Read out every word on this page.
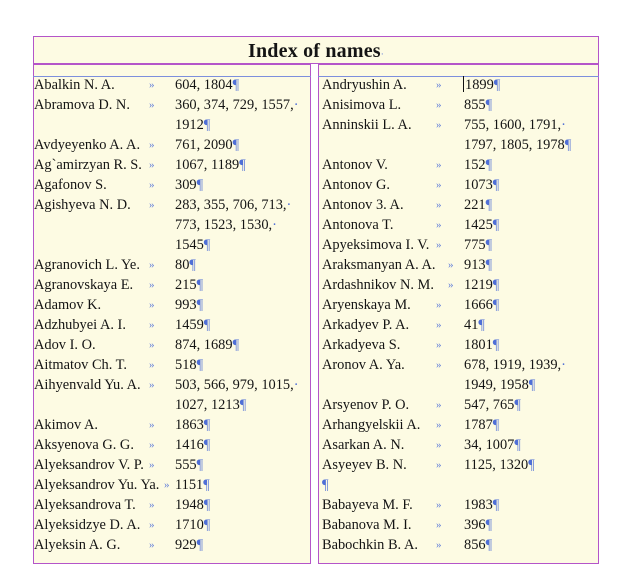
Index of names·
Abalkin N. A.	» 604, 1804¶
Abramova D. N. » 360, 374, 729, 1557,·
1912¶
Avdyeyenko A. A. » 761, 2090¶
Ag`amirzyan R. S. » 1067, 1189¶
Agafonov S.	» 309¶
Agishyeva N. D. » 283, 355, 706, 713,·
773, 1523, 1530,·
1545¶
Agranovich L. Ye. » 80¶
Agranovskaya E. » 215¶
Adamov K.	» 993¶
Adzhubyei A. I. » 1459¶
Adov I. O.	» 874, 1689¶
Aitmatov Ch. T. » 518¶
Aihyenvald Yu. A. » 503, 566, 979, 1015,·
1027, 1213¶
Akimov A.	» 1863¶
Aksyenova G. G. » 1416¶
Alyeksandrov V. P. » 555¶
Alyeksandrov Yu. Ya. » 1151¶
Alyeksandrova T. » 1948¶
Alyeksidzye D. A. » 1710¶
Alyeksin A. G.	» 929¶
Andryushin A.	» 1899¶
Anisimova L.	» 855¶
Anninskii L. A. » 755, 1600, 1791,·
1797, 1805, 1978¶
Antonov V.	» 152¶
Antonov G.	» 1073¶
Antonov 3. A.	» 221¶
Antonova T.	» 1425¶
Apyeksimova I. V. » 775¶
Araksmanyan A. A. » 913¶
Ardashnikov N. M. » 1219¶
Aryenskaya M. » 1666¶
Arkadyev P. A. » 41¶
Arkadyeva S.	» 1801¶
Aronov A. Ya.	» 678, 1919, 1939,·
1949, 1958¶
Arsyenov P. O. » 547, 765¶
Arhangyelskii A. » 1787¶
Asarkan A. N.	» 34, 1007¶
Asyeyev B. N.	» 1125, 1320¶
¶
Babayeva M. F. » 1983¶
Babanova M. I. » 396¶
Babochkin B. A. » 856¶
